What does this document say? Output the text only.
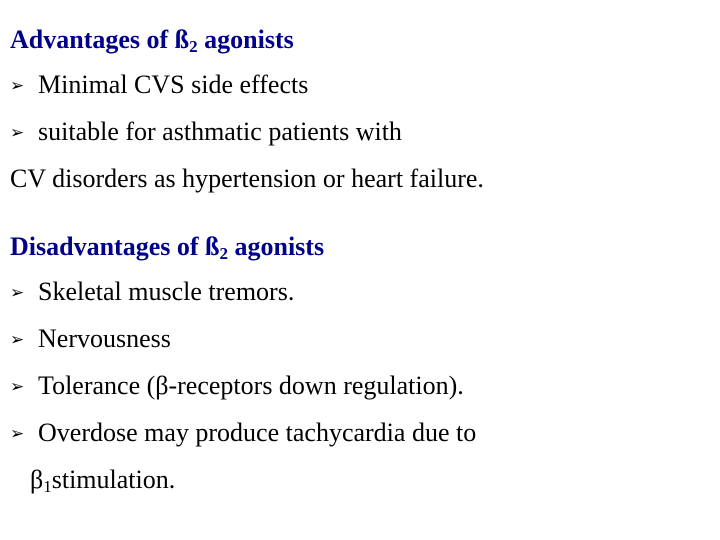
Advantages of $ß_2$ agonists
➢ Minimal CVS side effects
➢ suitable for asthmatic patients with
CV disorders as hypertension or heart failure.
Disadvantages of $ß_2$ agonists
➢ Skeletal muscle tremors.
➢ Nervousness
➢ Tolerance (β-receptors down regulation).
➢ Overdose may produce tachycardia due to
$\beta_1stimulation$.
